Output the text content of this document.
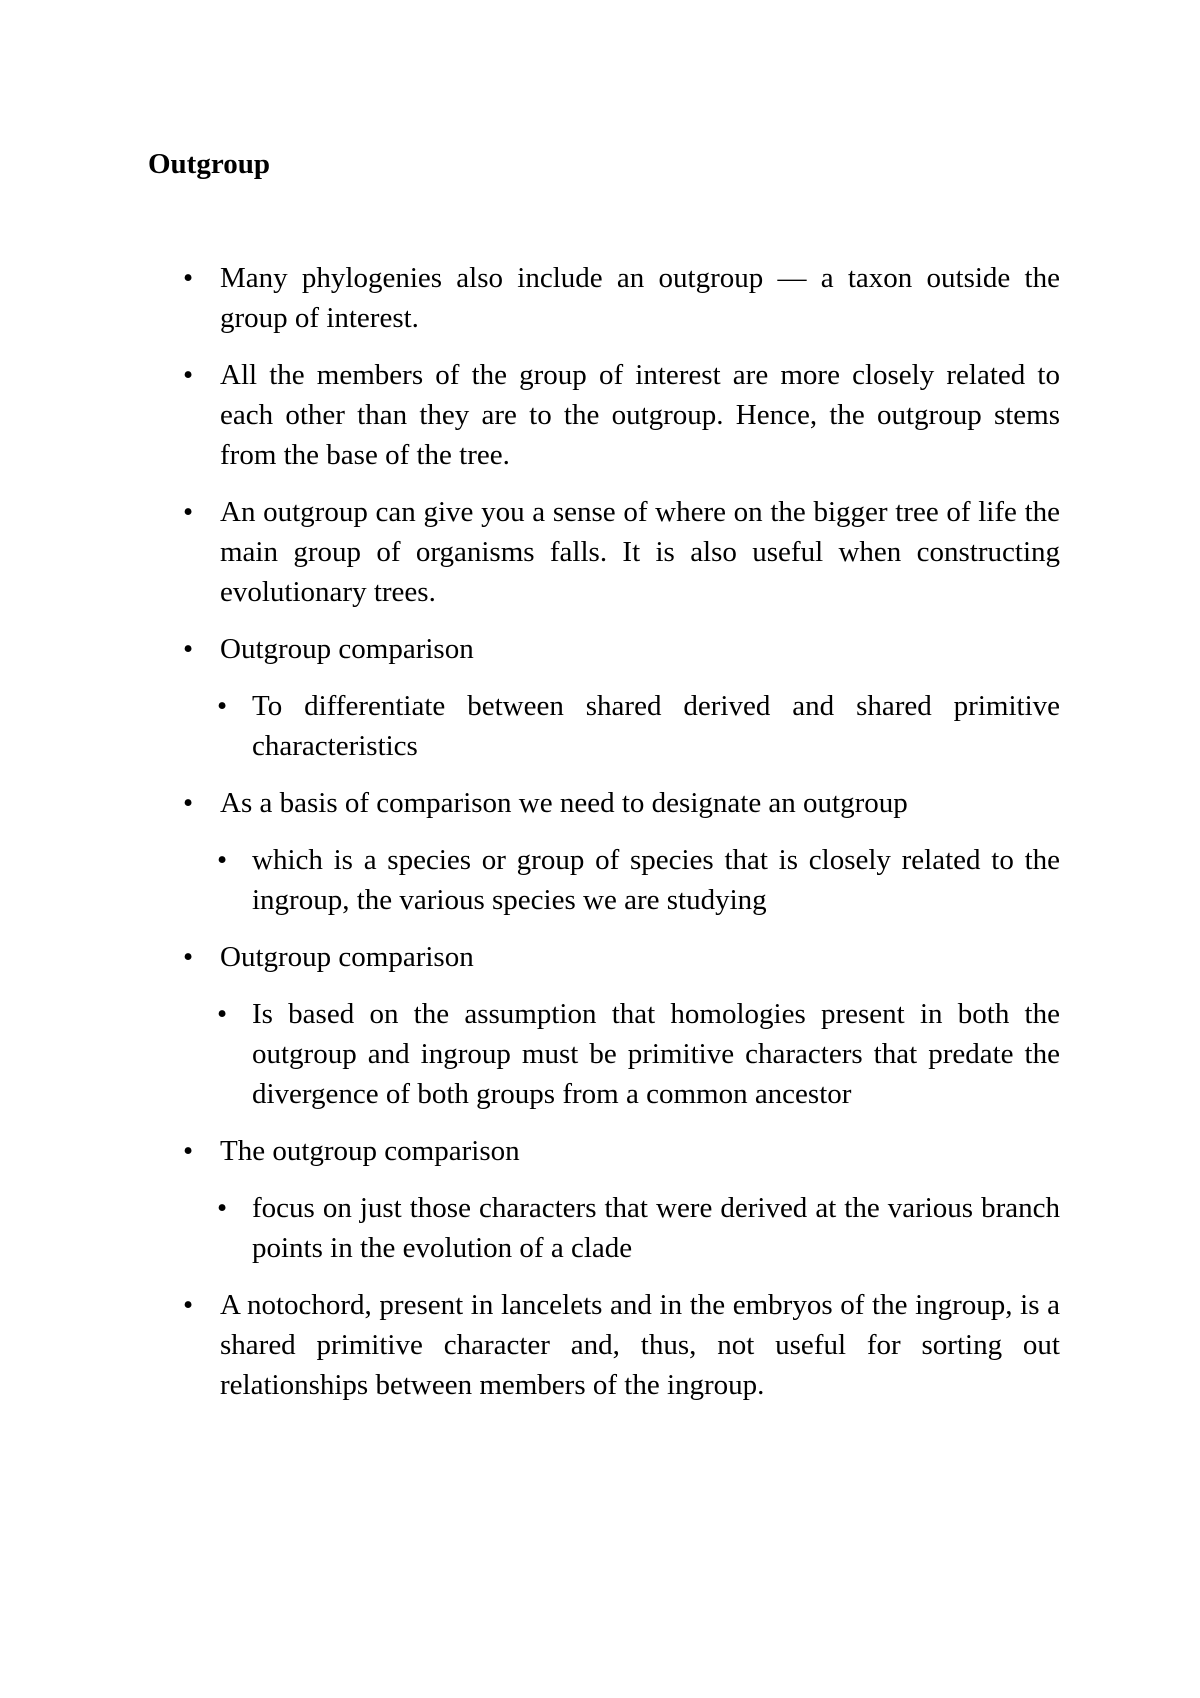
Outgroup
• Many phylogenies also include an outgroup — a taxon outside the group of interest.
• All the members of the group of interest are more closely related to each other than they are to the outgroup. Hence, the outgroup stems from the base of the tree.
• An outgroup can give you a sense of where on the bigger tree of life the main group of organisms falls. It is also useful when constructing evolutionary trees.
• Outgroup comparison
• To differentiate between shared derived and shared primitive characteristics
• As a basis of comparison we need to designate an outgroup
• which is a species or group of species that is closely related to the ingroup, the various species we are studying
• Outgroup comparison
• Is based on the assumption that homologies present in both the outgroup and ingroup must be primitive characters that predate the divergence of both groups from a common ancestor
• The outgroup comparison
• focus on just those characters that were derived at the various branch points in the evolution of a clade
• A notochord, present in lancelets and in the embryos of the ingroup, is a shared primitive character and, thus, not useful for sorting out relationships between members of the ingroup.
